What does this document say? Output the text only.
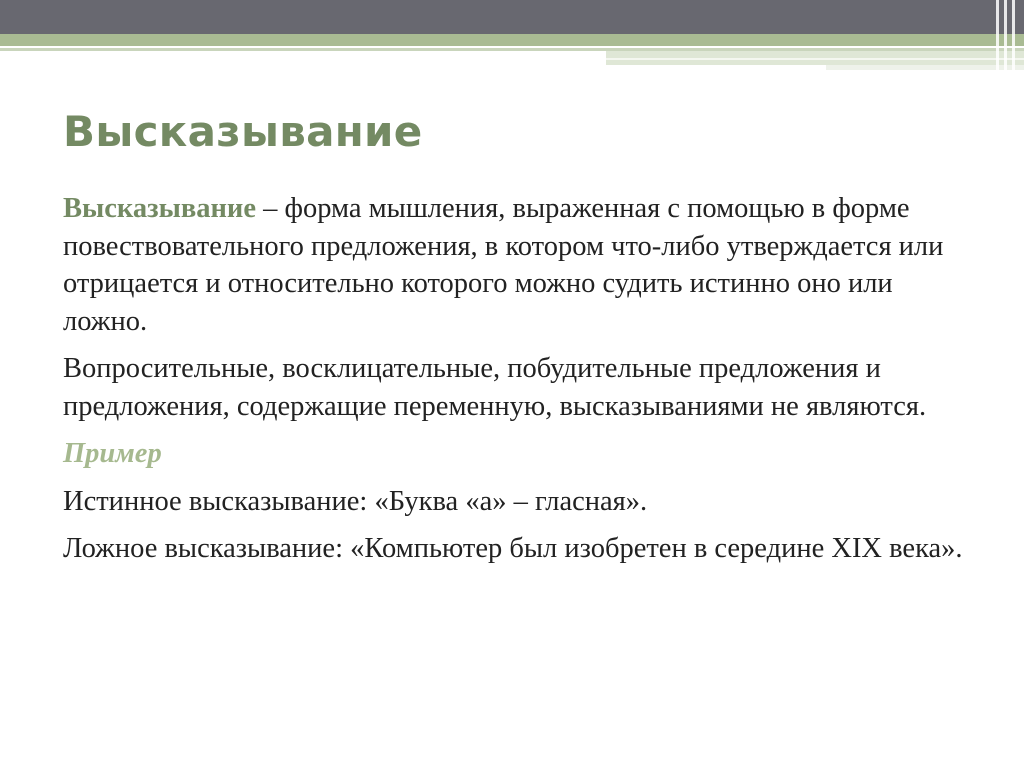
Высказывание

Высказывание – форма мышления, выраженная с помощью в форме повествовательного предложения, в котором что-либо утверждается или отрицается и относительно которого можно судить истинно оно или ложно.

Вопросительные, восклицательные, побудительные предложения и предложения, содержащие переменную, высказываниями не являются.

Пример

Истинное высказывание: «Буква «а» – гласная».

Ложное высказывание: «Компьютер был изобретен в середине XIX века».
